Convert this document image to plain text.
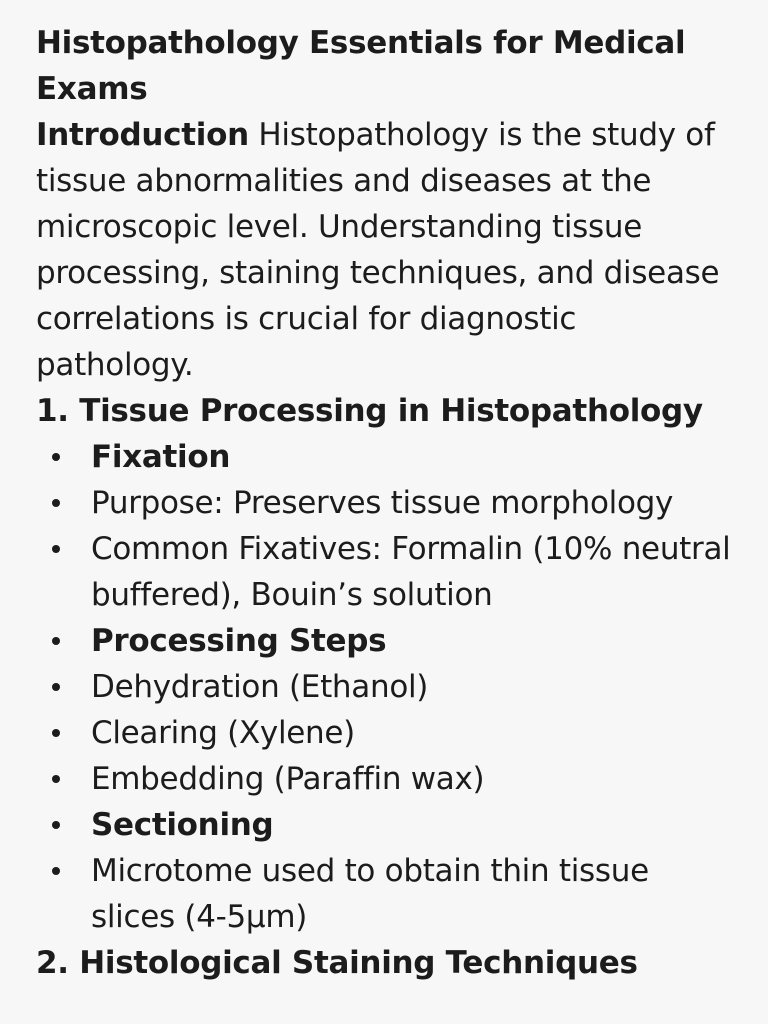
Histopathology Essentials for Medical Exams

Introduction Histopathology is the study of tissue abnormalities and diseases at the microscopic level. Understanding tissue processing, staining techniques, and disease correlations is crucial for diagnostic pathology.

1. Tissue Processing in Histopathology
Fixation
Purpose: Preserves tissue morphology
Common Fixatives: Formalin (10% neutral buffered), Bouin’s solution
Processing Steps
Dehydration (Ethanol)
Clearing (Xylene)
Embedding (Paraffin wax)
Sectioning
Microtome used to obtain thin tissue slices (4-5µm)
2. Histological Staining Techniques
